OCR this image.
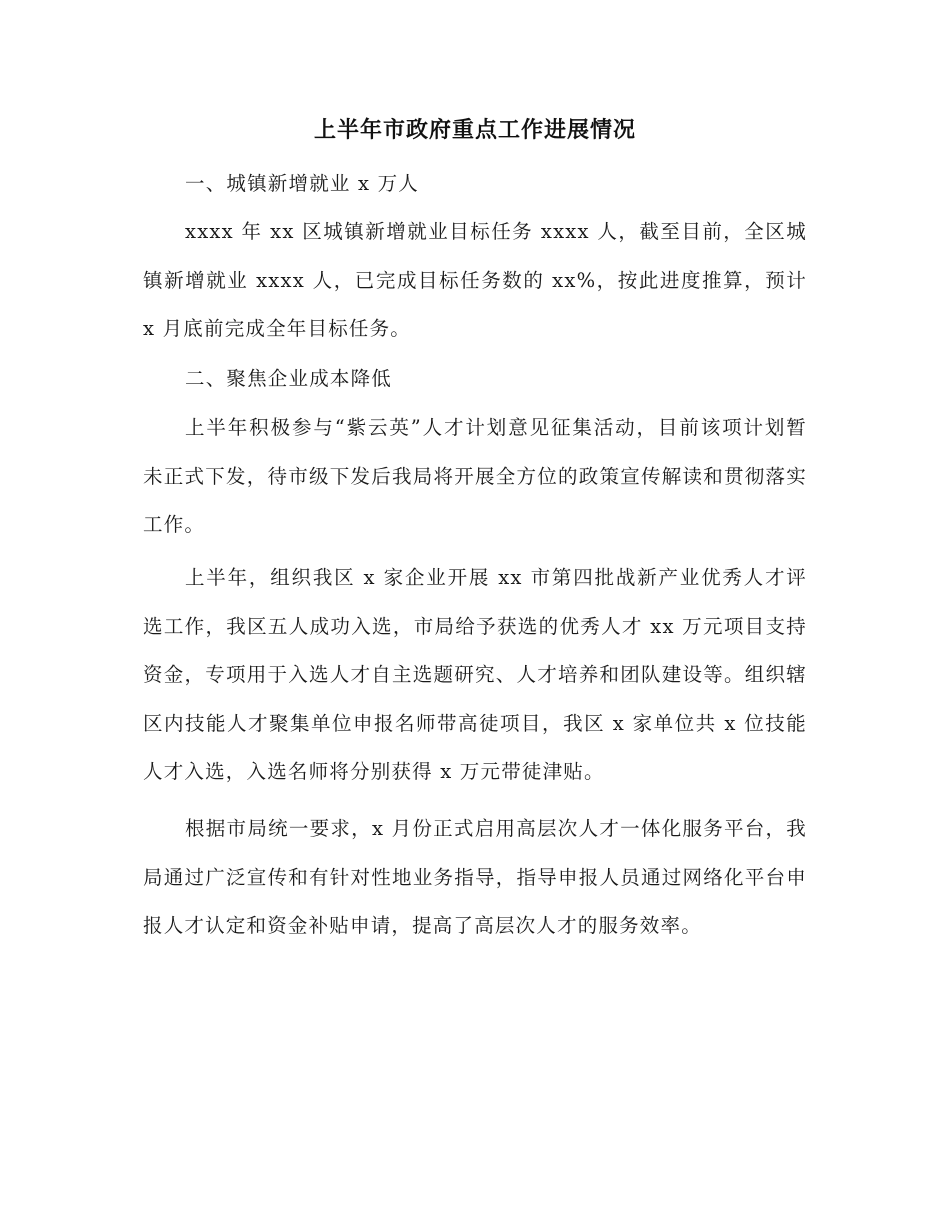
上半年市政府重点工作进展情况

一、城镇新增就业 x 万人

xxxx 年 xx 区城镇新增就业目标任务 xxxx 人，截至目前，全区城镇新增就业 xxxx 人，已完成目标任务数的 xx%，按此进度推算，预计 x 月底前完成全年目标任务。

二、聚焦企业成本降低

上半年积极参与“紫云英”人才计划意见征集活动，目前该项计划暂未正式下发，待市级下发后我局将开展全方位的政策宣传解读和贯彻落实工作。

上半年，组织我区 x 家企业开展 xx 市第四批战新产业优秀人才评选工作，我区五人成功入选，市局给予获选的优秀人才 xx 万元项目支持资金，专项用于入选人才自主选题研究、人才培养和团队建设等。组织辖区内技能人才聚集单位申报名师带高徒项目，我区 x 家单位共 x 位技能人才入选，入选名师将分别获得 x 万元带徒津贴。

根据市局统一要求，x 月份正式启用高层次人才一体化服务平台，我局通过广泛宣传和有针对性地业务指导，指导申报人员通过网络化平台申报人才认定和资金补贴申请，提高了高层次人才的服务效率。
